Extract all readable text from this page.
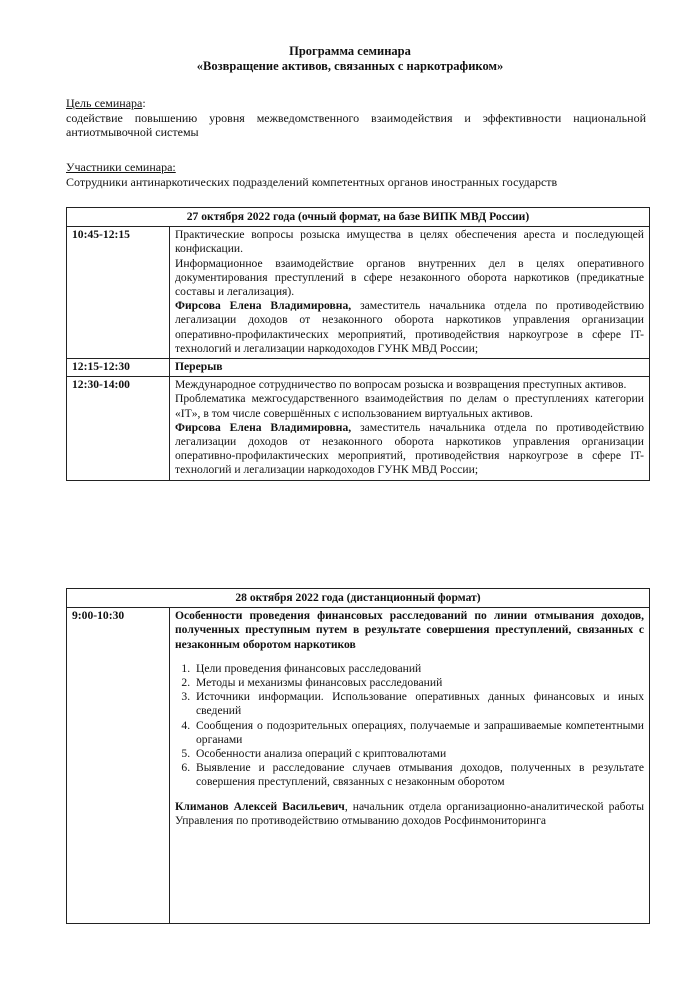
Программа семинара
«Возвращение активов, связанных с наркотрафиком»
Цель семинара:
содействие повышению уровня межведомственного взаимодействия и эффективности национальной антиотмывочной системы
Участники семинара:
Сотрудники антинаркотических подразделений компетентных органов иностранных государств
27 октября 2022 года (очный формат, на базе ВИПК МВД России)	
10:45-12:15	Практические вопросы розыска имущества в целях обеспечения ареста и последующей конфискации.

Информационное взаимодействие органов внутренних дел в целях оперативного документирования преступлений в сфере незаконного оборота наркотиков (предикатные составы и легализация).

Фирсова Елена Владимировна, заместитель начальника отдела по противодействию легализации доходов от незаконного оборота наркотиков управления организации оперативно-профилактических мероприятий, противодействия наркоугрозе в сфере IT-технологий и легализации наркодоходов ГУНК МВД России;

12:15-12:30	Перерыв
12:30-14:00	Международное сотрудничество по вопросам розыска и возвращения преступных активов.

Проблематика межгосударственного взаимодействия по делам о преступлениях категории «IT», в том числе совершённых с использованием виртуальных активов.

Фирсова Елена Владимировна, заместитель начальника отдела по противодействию легализации доходов от незаконного оборота наркотиков управления организации оперативно-профилактических мероприятий, противодействия наркоугрозе в сфере IT-технологий и легализации наркодоходов ГУНК МВД России;

28 октября 2022 года (дистанционный формат)
9:00-10:30	Особенности проведения финансовых расследований по линии отмывания доходов, полученных преступным путем в результате совершения преступлений, связанных с незаконным оборотом наркотиков

1. Цели проведения финансовых расследований
2. Методы и механизмы финансовых расследований
3. Источники информации. Использование оперативных данных финансовых и иных сведений
4. Сообщения о подозрительных операциях, получаемые и запрашиваемые компетентными органами
5. Особенности анализа операций с криптовалютами
6. Выявление и расследование случаев отмывания доходов, полученных в результате совершения преступлений, связанных с незаконным оборотом

Климанов Алексей Васильевич, начальник отдела организационно-аналитической работы Управления по противодействию отмыванию доходов Росфинмониторинга
